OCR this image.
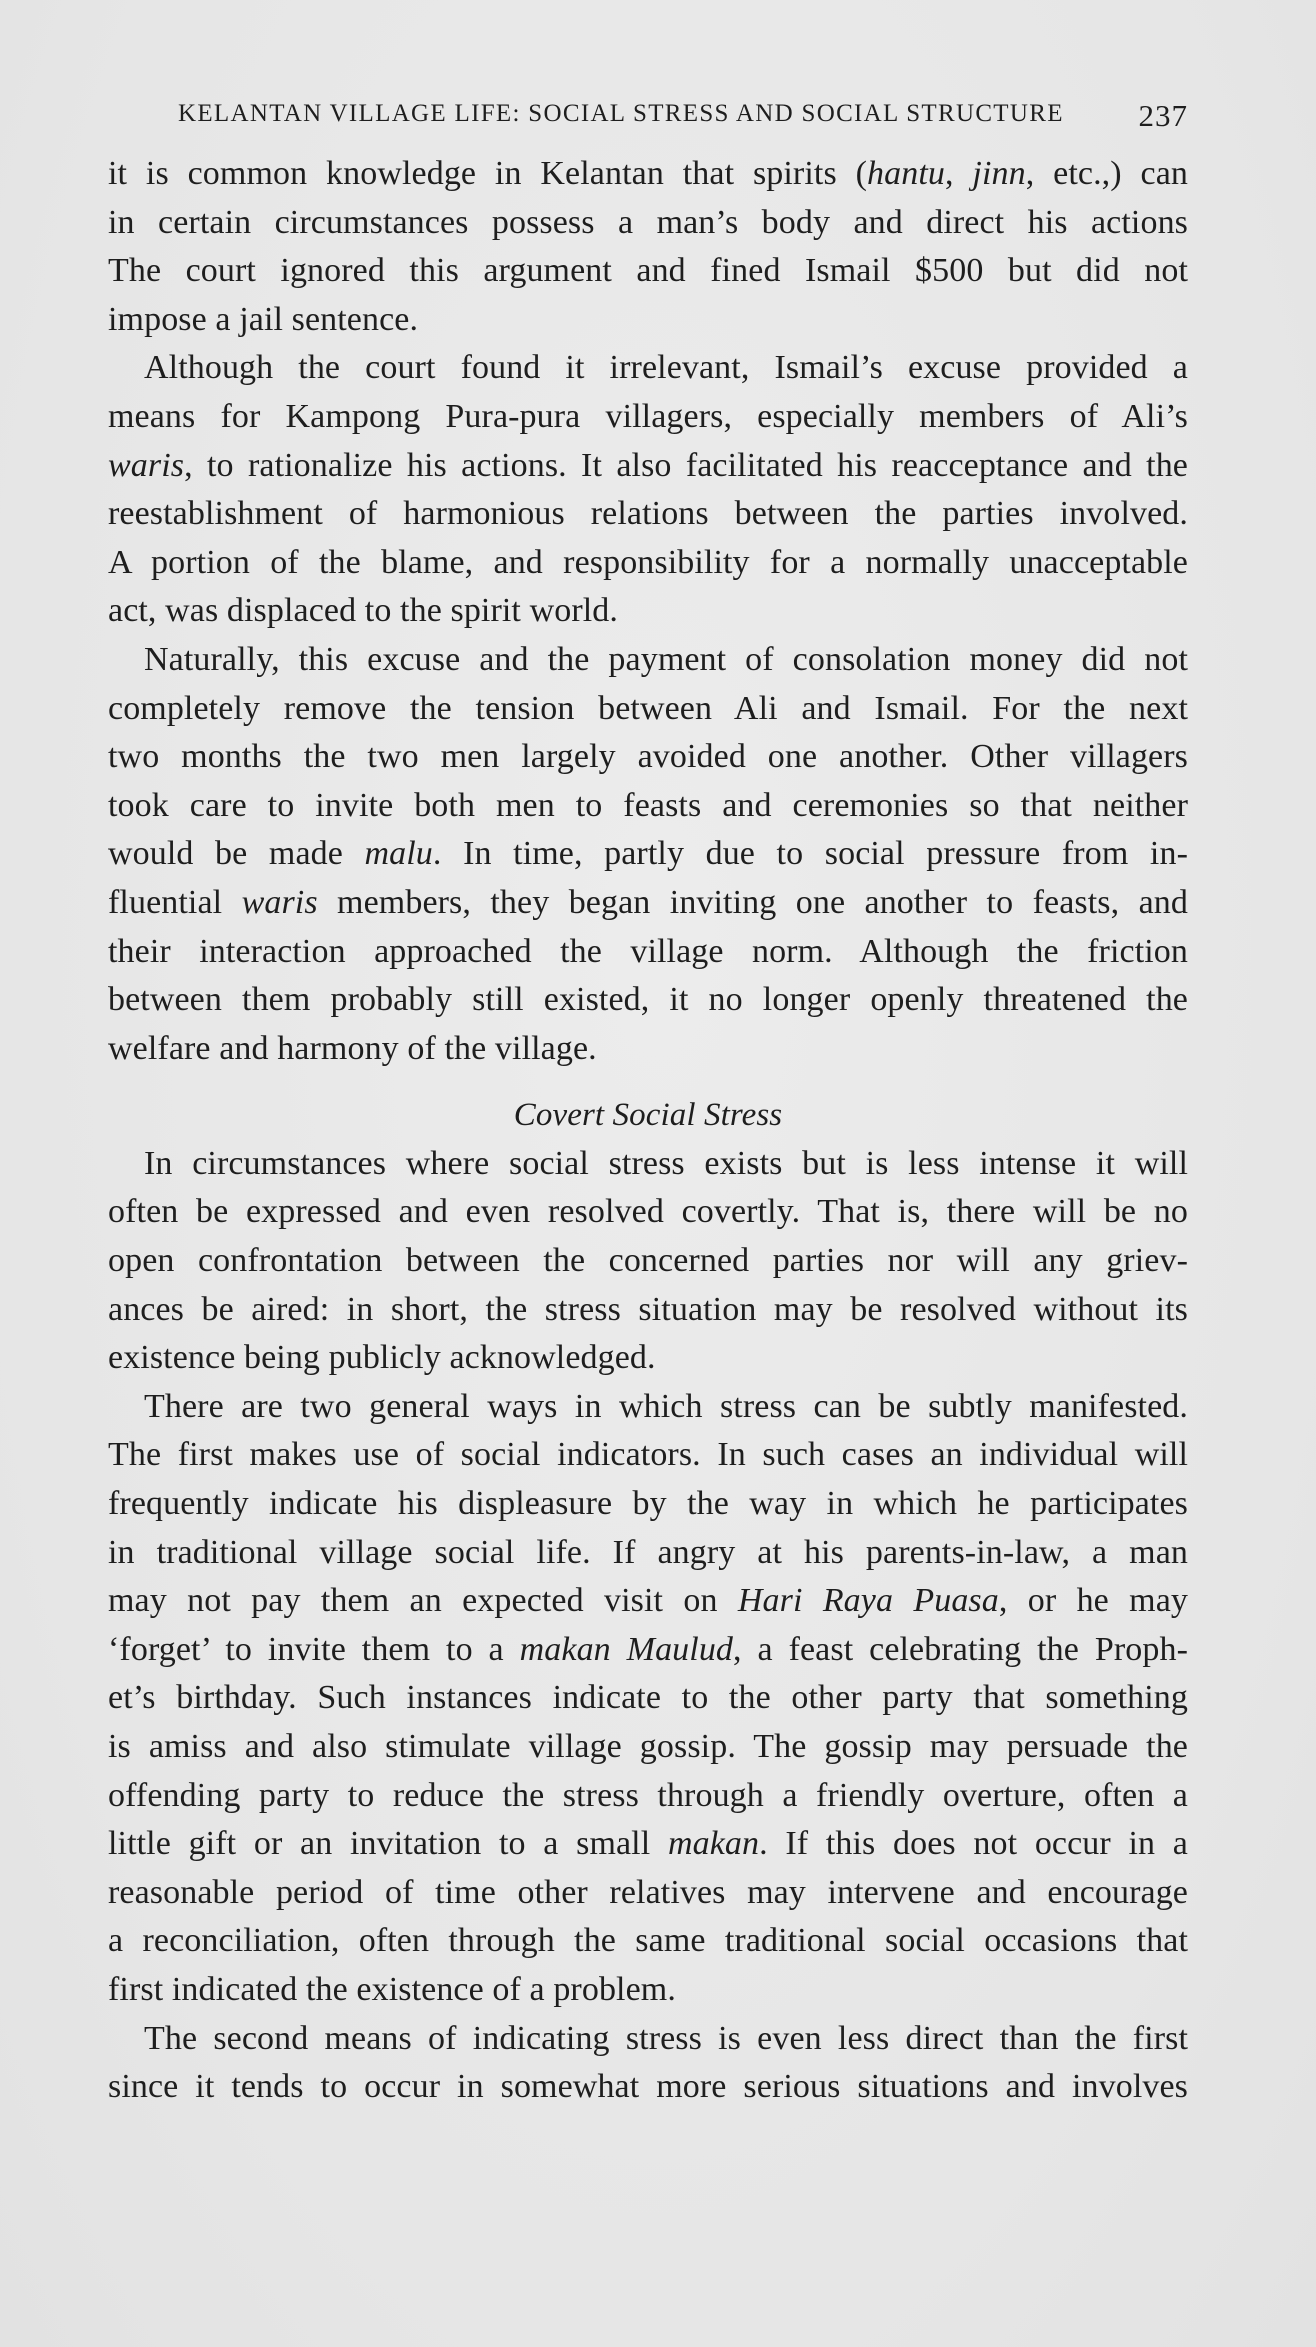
KELANTAN VILLAGE LIFE: SOCIAL STRESS AND SOCIAL STRUCTURE 237
it is common knowledge in Kelantan that spirits (hantu, jinn, etc.,) can
in certain circumstances possess a man’s body and direct his actions
The court ignored this argument and fined Ismail $500 but did not
impose a jail sentence.
Although the court found it irrelevant, Ismail’s excuse provided a
means for Kampong Pura-pura villagers, especially members of Ali’s
waris, to rationalize his actions. It also facilitated his reacceptance and the
reestablishment of harmonious relations between the parties involved.
A portion of the blame, and responsibility for a normally unacceptable
act, was displaced to the spirit world.
Naturally, this excuse and the payment of consolation money did not
completely remove the tension between Ali and Ismail. For the next
two months the two men largely avoided one another. Other villagers
took care to invite both men to feasts and ceremonies so that neither
would be made malu. In time, partly due to social pressure from in-
fluential waris members, they began inviting one another to feasts, and
their interaction approached the village norm. Although the friction
between them probably still existed, it no longer openly threatened the
welfare and harmony of the village.
Covert Social Stress
In circumstances where social stress exists but is less intense it will
often be expressed and even resolved covertly. That is, there will be no
open confrontation between the concerned parties nor will any griev-
ances be aired: in short, the stress situation may be resolved without its
existence being publicly acknowledged.
There are two general ways in which stress can be subtly manifested.
The first makes use of social indicators. In such cases an individual will
frequently indicate his displeasure by the way in which he participates
in traditional village social life. If angry at his parents-in-law, a man
may not pay them an expected visit on Hari Raya Puasa, or he may
‘forget’ to invite them to a makan Maulud, a feast celebrating the Proph-
et’s birthday. Such instances indicate to the other party that something
is amiss and also stimulate village gossip. The gossip may persuade the
offending party to reduce the stress through a friendly overture, often a
little gift or an invitation to a small makan. If this does not occur in a
reasonable period of time other relatives may intervene and encourage
a reconciliation, often through the same traditional social occasions that
first indicated the existence of a problem.
The second means of indicating stress is even less direct than the first
since it tends to occur in somewhat more serious situations and involves
